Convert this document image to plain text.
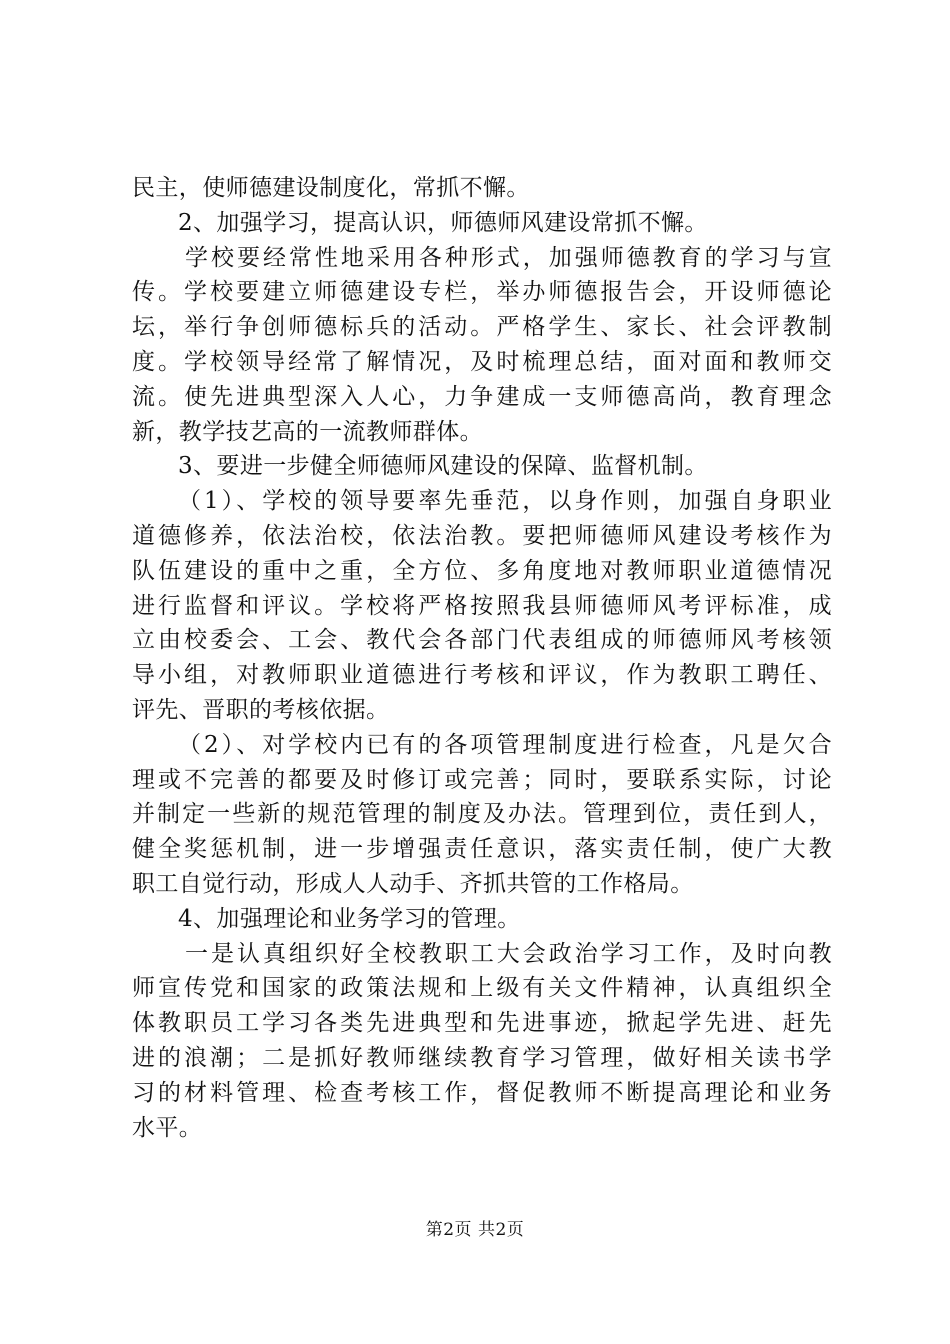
民主，使师德建设制度化，常抓不懈。
2、加强学习，提高认识，师德师风建设常抓不懈。
学校要经常性地采用各种形式，加强师德教育的学习与宣
传。学校要建立师德建设专栏，举办师德报告会，开设师德论
坛，举行争创师德标兵的活动。严格学生、家长、社会评教制
度。学校领导经常了解情况，及时梳理总结，面对面和教师交
流。使先进典型深入人心，力争建成一支师德高尚，教育理念
新，教学技艺高的一流教师群体。
3、要进一步健全师德师风建设的保障、监督机制。
（1）、学校的领导要率先垂范，以身作则，加强自身职业
道德修养，依法治校，依法治教。要把师德师风建设考核作为
队伍建设的重中之重，全方位、多角度地对教师职业道德情况
进行监督和评议。学校将严格按照我县师德师风考评标准，成
立由校委会、工会、教代会各部门代表组成的师德师风考核领
导小组，对教师职业道德进行考核和评议，作为教职工聘任、
评先、晋职的考核依据。
（2）、对学校内已有的各项管理制度进行检查，凡是欠合
理或不完善的都要及时修订或完善；同时，要联系实际，讨论
并制定一些新的规范管理的制度及办法。管理到位，责任到人，
健全奖惩机制，进一步增强责任意识，落实责任制，使广大教
职工自觉行动，形成人人动手、齐抓共管的工作格局。
4、加强理论和业务学习的管理。
一是认真组织好全校教职工大会政治学习工作，及时向教
师宣传党和国家的政策法规和上级有关文件精神，认真组织全
体教职员工学习各类先进典型和先进事迹，掀起学先进、赶先
进的浪潮；二是抓好教师继续教育学习管理，做好相关读书学
习的材料管理、检查考核工作，督促教师不断提高理论和业务
水平。
第2页 共2页
